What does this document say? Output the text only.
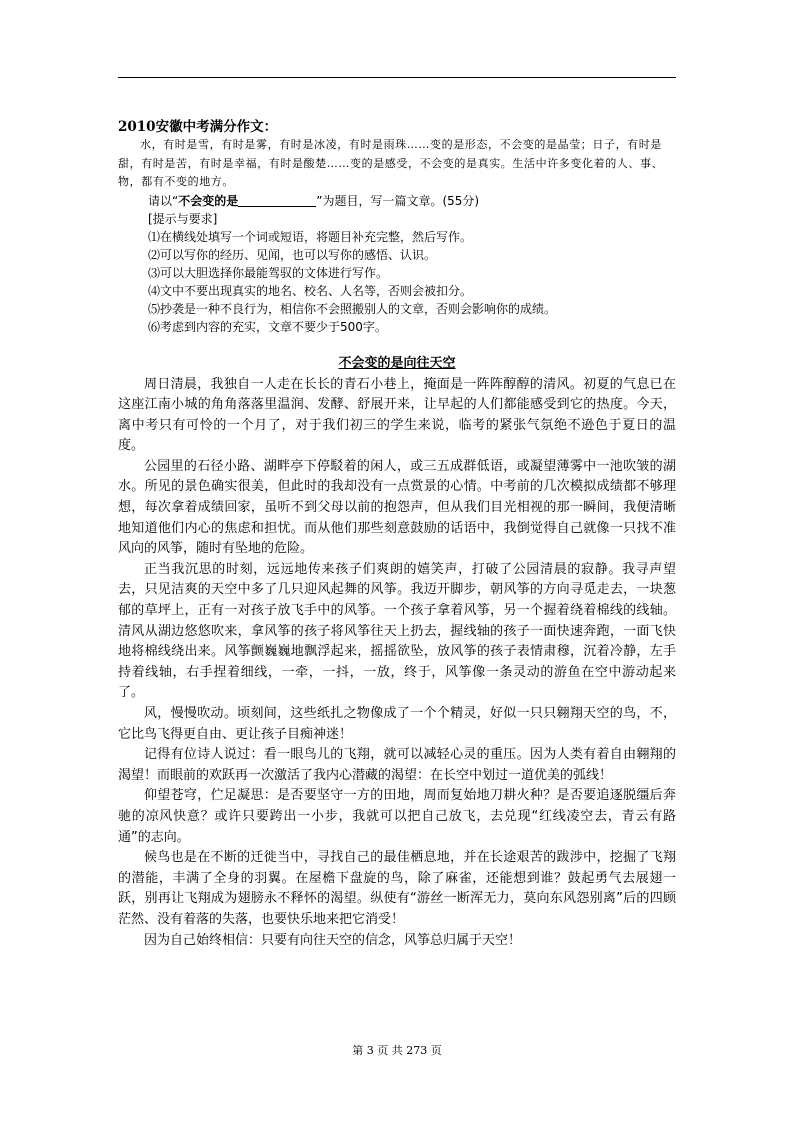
2010安徽中考满分作文：

水，有时是雪，有时是雾，有时是冰凌，有时是雨珠……变的是形态，不会变的是晶莹；日子，有时是甜，有时是苦，有时是幸福，有时是酸楚……变的是感受，不会变的是真实。生活中许多变化着的人、事、物，都有不变的地方。

请以“不会变的是	”为题目，写一篇文章。(55分)

[提示与要求]

⑴在横线处填写一个词或短语，将题目补充完整，然后写作。

⑵可以写你的经历、见闻，也可以写你的感悟、认识。

⑶可以大胆选择你最能驾驭的文体进行写作。

⑷文中不要出现真实的地名、校名、人名等，否则会被扣分。

⑸抄袭是一种不良行为，相信你不会照搬别人的文章，否则会影响你的成绩。

⑹考虑到内容的充实，文章不要少于500字。

不会变的是向往天空

周日清晨，我独自一人走在长长的青石小巷上，掩面是一阵阵醇醇的清风。初夏的气息已在这座江南小城的角角落落里温润、发酵、舒展开来，让早起的人们都能感受到它的热度。今天，离中考只有可怜的一个月了，对于我们初三的学生来说，临考的紧张气氛绝不逊色于夏日的温度。

公园里的石径小路、湖畔亭下停駁着的闲人，或三五成群低语，或凝望薄雾中一池吹皱的湖水。所见的景色确实很美，但此时的我却没有一点赏景的心情。中考前的几次模拟成绩都不够理想，每次拿着成绩回家，虽听不到父母以前的抱怨声，但从我们目光相视的那一瞬间，我便清晰地知道他们内心的焦虑和担忧。而从他们那些刻意鼓励的话语中，我倒觉得自己就像一只找不准风向的风筝，随时有坠地的危险。

正当我沉思的时刻，远远地传来孩子们爽朗的嬉笑声，打破了公园清晨的寂静。我寻声望去，只见洁爽的天空中多了几只迎风起舞的风筝。我迈开脚步，朝风筝的方向寻觅走去，一块葱郁的草坪上，正有一对孩子放飞手中的风筝。一个孩子拿着风筝，另一个握着绕着棉线的线轴。清风从湖边悠悠吹来，拿风筝的孩子将风筝往天上扔去，握线轴的孩子一面快速奔跑，一面飞快地将棉线绕出来。风筝颤巍巍地飘浮起来，摇摇欲坠，放风筝的孩子表情肃穆，沉着冷静，左手持着线轴，右手捏着细线，一牵，一抖，一放，终于，风筝像一条灵动的游鱼在空中游动起来了。

风，慢慢吹动。顷刻间，这些纸扎之物像成了一个个精灵，好似一只只翱翔天空的鸟，不，它比鸟飞得更自由、更让孩子目痴神迷！

记得有位诗人说过：看一眼鸟儿的飞翔，就可以减轻心灵的重压。因为人类有着自由翱翔的渴望！而眼前的欢跃再一次激活了我内心潜藏的渴望：在长空中划过一道优美的弧线！

仰望苍穹，伫足凝思：是否要坚守一方的田地，周而复始地刀耕火种？是否要追逐脱缰后奔驰的凉风快意？或许只要跨出一小步，我就可以把自己放飞，去兑现“红线凌空去，青云有路通”的志向。

候鸟也是在不断的迁徙当中，寻找自己的最佳栖息地，并在长途艰苦的跋涉中，挖掘了飞翔的潜能，丰满了全身的羽翼。在屋檐下盘旋的鸟，除了麻雀，还能想到谁？鼓起勇气去展翅一跃，别再让飞翔成为翅膀永不释怀的渴望。纵使有“游丝一断浑无力，莫向东风怨别离”后的四顾茫然、没有着落的失落，也要快乐地来把它消受！

因为自己始终相信：只要有向往天空的信念，风筝总归属于天空！

第 3 页 共 273 页
